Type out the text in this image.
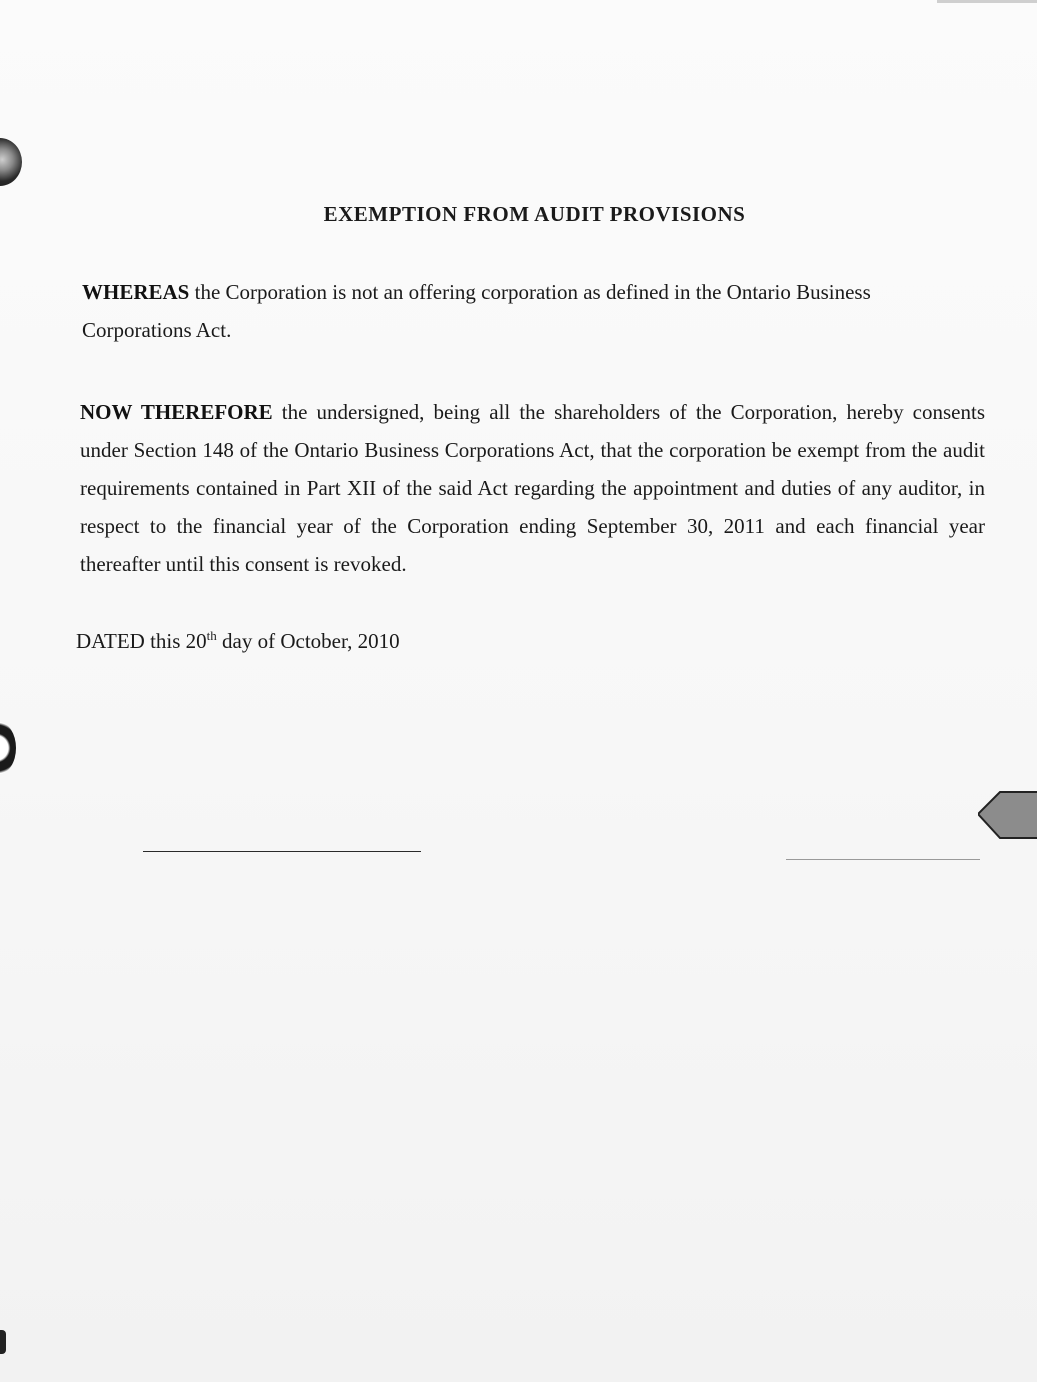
EXEMPTION FROM AUDIT PROVISIONS

WHEREAS the Corporation is not an offering corporation as defined in the Ontario Business Corporations Act.

NOW THEREFORE the undersigned, being all the shareholders of the Corporation, hereby consents under Section 148 of the Ontario Business Corporations Act, that the corporation be exempt from the audit requirements contained in Part XII of the said Act regarding the appointment and duties of any auditor, in respect to the financial year of the Corporation ending September 30, 2011 and each financial year thereafter until this consent is revoked.

DATED this 20th day of October, 2010
